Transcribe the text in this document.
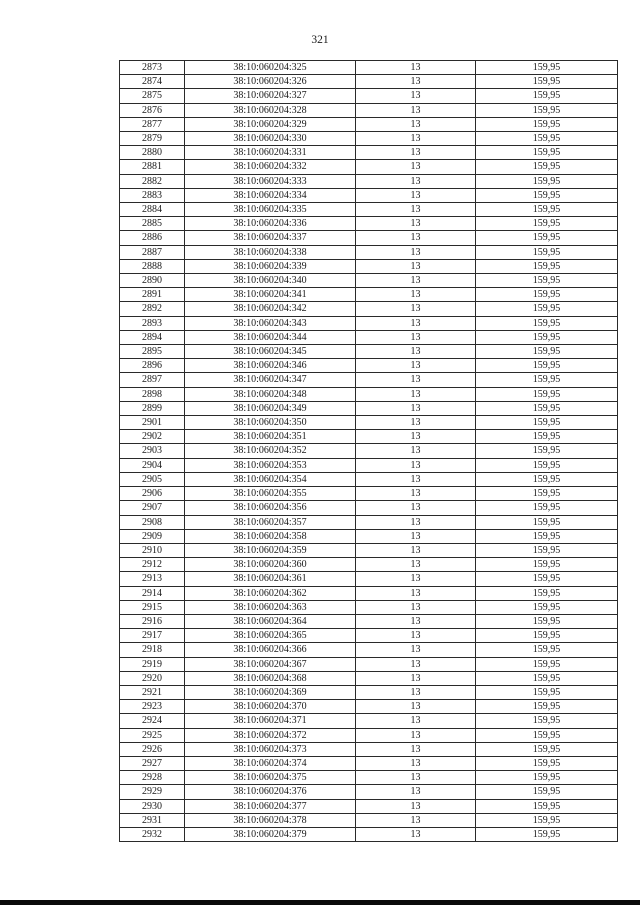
321
2873	38:10:060204:325	13	159,95
2874	38:10:060204:326	13	159,95
2875	38:10:060204:327	13	159,95
2876	38:10:060204:328	13	159,95
2877	38:10:060204:329	13	159,95
2879	38:10:060204:330	13	159,95
2880	38:10:060204:331	13	159,95
2881	38:10:060204:332	13	159,95
2882	38:10:060204:333	13	159,95
2883	38:10:060204:334	13	159,95
2884	38:10:060204:335	13	159,95
2885	38:10:060204:336	13	159,95
2886	38:10:060204:337	13	159,95
2887	38:10:060204:338	13	159,95
2888	38:10:060204:339	13	159,95
2890	38:10:060204:340	13	159,95
2891	38:10:060204:341	13	159,95
2892	38:10:060204:342	13	159,95
2893	38:10:060204:343	13	159,95
2894	38:10:060204:344	13	159,95
2895	38:10:060204:345	13	159,95
2896	38:10:060204:346	13	159,95
2897	38:10:060204:347	13	159,95
2898	38:10:060204:348	13	159,95
2899	38:10:060204:349	13	159,95
2901	38:10:060204:350	13	159,95
2902	38:10:060204:351	13	159,95
2903	38:10:060204:352	13	159,95
2904	38:10:060204:353	13	159,95
2905	38:10:060204:354	13	159,95
2906	38:10:060204:355	13	159,95
2907	38:10:060204:356	13	159,95
2908	38:10:060204:357	13	159,95
2909	38:10:060204:358	13	159,95
2910	38:10:060204:359	13	159,95
2912	38:10:060204:360	13	159,95
2913	38:10:060204:361	13	159,95
2914	38:10:060204:362	13	159,95
2915	38:10:060204:363	13	159,95
2916	38:10:060204:364	13	159,95
2917	38:10:060204:365	13	159,95
2918	38:10:060204:366	13	159,95
2919	38:10:060204:367	13	159,95
2920	38:10:060204:368	13	159,95
2921	38:10:060204:369	13	159,95
2923	38:10:060204:370	13	159,95
2924	38:10:060204:371	13	159,95
2925	38:10:060204:372	13	159,95
2926	38:10:060204:373	13	159,95
2927	38:10:060204:374	13	159,95
2928	38:10:060204:375	13	159,95
2929	38:10:060204:376	13	159,95
2930	38:10:060204:377	13	159,95
2931	38:10:060204:378	13	159,95
2932	38:10:060204:379	13	159,95
